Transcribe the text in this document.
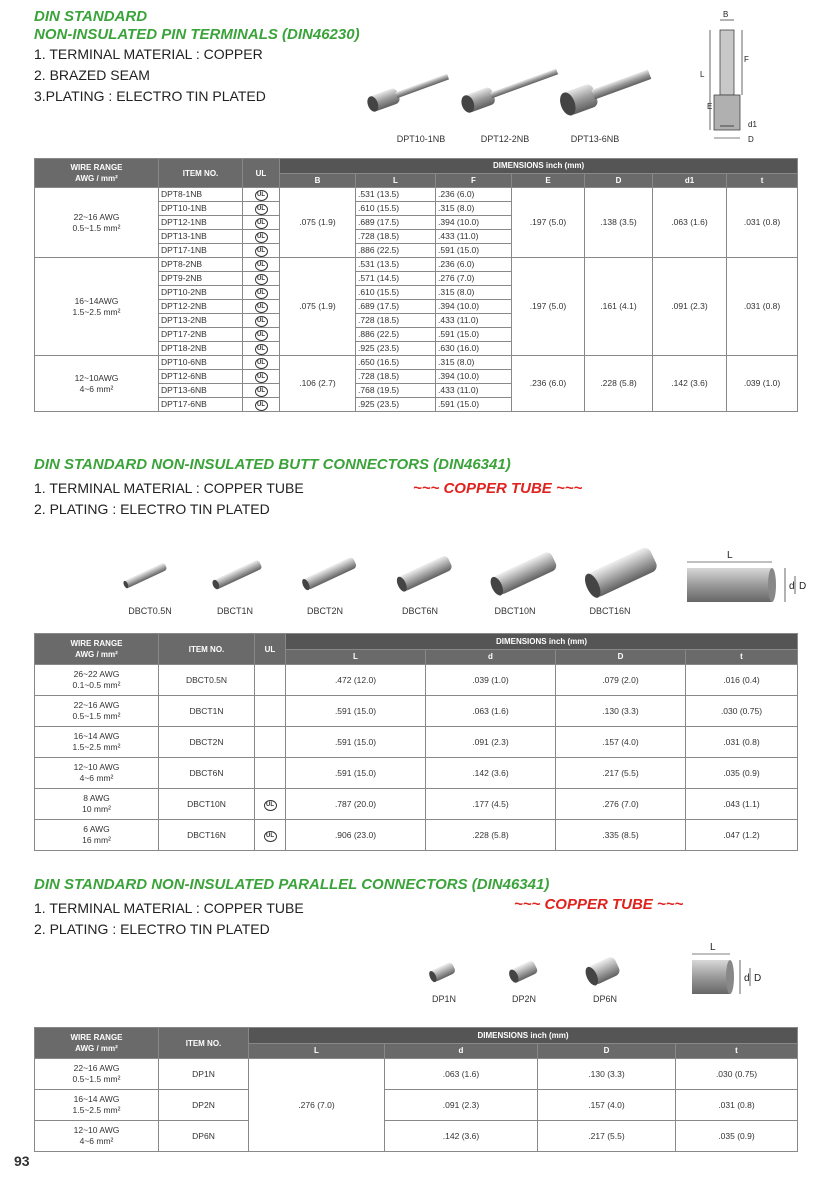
DIN STANDARD

NON-INSULATED PIN TERMINALS (DIN46230)

1. TERMINAL MATERIAL : COPPER

2. BRAZED SEAM

3.PLATING : ELECTRO TIN PLATED

DPT10-1NB	DPT12-2NB	DPT13-6NB
B
F
L
E
d1
D
WIRE RANGE
AWG / mm²	ITEM NO.	UL	DIMENSIONS inch (mm)						
			B	L	F	E	D	d1	t
22~16 AWG
0.5~1.5 mm²	DPT8-1NB	UL	.075 (1.9)	.531 (13.5)	.236 (6.0)	.197 (5.0)	.138 (3.5)	.063 (1.6)	.031 (0.8)
	DPT10-1NB	UL		.610 (15.5)	.315 (8.0)				
	DPT12-1NB	UL		.689 (17.5)	.394 (10.0)				
	DPT13-1NB	UL		.728 (18.5)	.433 (11.0)				
	DPT17-1NB	UL		.886 (22.5)	.591 (15.0)				
16~14AWG
1.5~2.5 mm²	DPT8-2NB	UL	.075 (1.9)	.531 (13.5)	.236 (6.0)	.197 (5.0)	.161 (4.1)	.091 (2.3)	.031 (0.8)
	DPT9-2NB	UL		.571 (14.5)	.276 (7.0)				
	DPT10-2NB	UL		.610 (15.5)	.315 (8.0)				
	DPT12-2NB	UL		.689 (17.5)	.394 (10.0)				
	DPT13-2NB	UL		.728 (18.5)	.433 (11.0)				
	DPT17-2NB	UL		.886 (22.5)	.591 (15.0)				
	DPT18-2NB	UL		.925 (23.5)	.630 (16.0)				
12~10AWG
4~6 mm²	DPT10-6NB	UL	.106 (2.7)	.650 (16.5)	.315 (8.0)	.236 (6.0)	.228 (5.8)	.142 (3.6)	.039 (1.0)
	DPT12-6NB	UL		.728 (18.5)	.394 (10.0)				
	DPT13-6NB	UL		.768 (19.5)	.433 (11.0)				
	DPT17-6NB	UL		.925 (23.5)	.591 (15.0)				

DIN STANDARD NON-INSULATED BUTT CONNECTORS (DIN46341)

1. TERMINAL MATERIAL : COPPER TUBE

2. PLATING : ELECTRO TIN PLATED

~~~ COPPER TUBE ~~~
DBCT0.5N	DBCT1N	DBCT2N	DBCT6N	DBCT10N	DBCT16N
L
d D
WIRE RANGE
AWG / mm²	ITEM NO.	UL	DIMENSIONS inch (mm)			
			L	d	D	t
26~22 AWG
0.1~0.5 mm²	DBCT0.5N		.472 (12.0)	.039 (1.0)	.079 (2.0)	.016 (0.4)
22~16 AWG
0.5~1.5 mm²	DBCT1N		.591 (15.0)	.063 (1.6)	.130 (3.3)	.030 (0.75)
16~14 AWG
1.5~2.5 mm²	DBCT2N		.591 (15.0)	.091 (2.3)	.157 (4.0)	.031 (0.8)
12~10 AWG
4~6 mm²	DBCT6N		.591 (15.0)	.142 (3.6)	.217 (5.5)	.035 (0.9)
8 AWG
10 mm²	DBCT10N	UL	.787 (20.0)	.177 (4.5)	.276 (7.0)	.043 (1.1)
6 AWG
16 mm²	DBCT16N	UL	.906 (23.0)	.228 (5.8)	.335 (8.5)	.047 (1.2)

DIN STANDARD NON-INSULATED PARALLEL CONNECTORS (DIN46341)

1. TERMINAL MATERIAL : COPPER TUBE

2. PLATING : ELECTRO TIN PLATED

~~~ COPPER TUBE ~~~
DP1N	DP2N	DP6N
L
d D
WIRE RANGE
AWG / mm²	ITEM NO.	DIMENSIONS inch (mm)			
		L	d	D	t
22~16 AWG
0.5~1.5 mm²	DP1N	.276 (7.0)	.063 (1.6)	.130 (3.3)	.030 (0.75)
16~14 AWG
1.5~2.5 mm²	DP2N		.091 (2.3)	.157 (4.0)	.031 (0.8)
12~10 AWG
4~6 mm²	DP6N		.142 (3.6)	.217 (5.5)	.035 (0.9)
93
